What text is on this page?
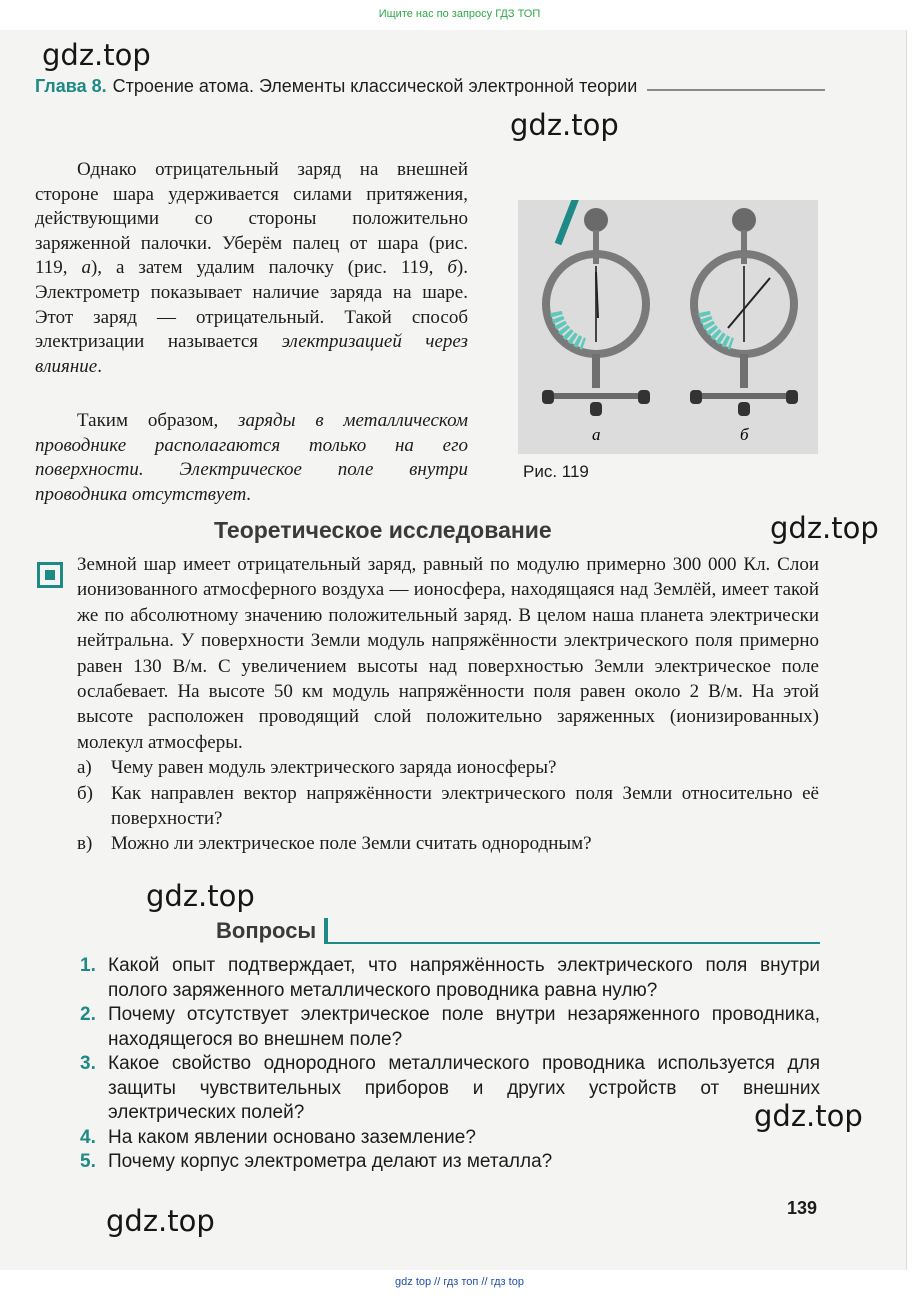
Ищите нас по запросу ГДЗ ТОП
gdz.top
gdz.top
gdz.top
gdz.top
gdz.top
gdz.top
Глава 8. Строение атома. Элементы классической электронной теории
Однако отрицательный заряд на внешней стороне шара удерживается силами притяжения, действующими со стороны положительно заряженной палочки. Уберём палец от шара (рис. 119, а), а затем удалим палочку (рис. 119, б). Электрометр показывает наличие заряда на шаре. Этот заряд — отрицательный. Такой способ электризации называется электризацией через влияние.
Таким образом, заряды в металлическом проводнике располагаются только на его поверхности. Электрическое поле внутри проводника отсутствует.
а	б
Рис. 119
Теоретическое исследование

Земной шар имеет отрицательный заряд, равный по модулю примерно 300 000 Кл. Слои ионизованного атмосферного воздуха — ионосфера, находящаяся над Землёй, имеет такой же по абсолютному значению положительный заряд. В целом наша планета электрически нейтральна. У поверхности Земли модуль напряжённости электрического поля примерно равен 130 В/м. С увеличением высоты над поверхностью Земли электрическое поле ослабевает. На высоте 50 км модуль напряжённости поля равен около 2 В/м. На этой высоте расположен проводящий слой положительно заряженных (ионизированных) молекул атмосферы.

а)	Чему равен модуль электрического заряда ионосферы?
б) Как направлен вектор напряжённости электрического поля Земли относительно её поверхности?
в) Можно ли электрическое поле Земли считать однородным?
Вопросы
1. Какой опыт подтверждает, что напряжённость электрического поля внутри полого заряженного металлического проводника равна нулю?
2. Почему отсутствует электрическое поле внутри незаряженного проводника, находящегося во внешнем поле?
3. Какое свойство однородного металлического проводника используется для защиты чувствительных приборов и других устройств от внешних электрических полей?
4. На каком явлении основано заземление?
5. Почему корпус электрометра делают из металла?
139
gdz top // гдз топ // гдз top
